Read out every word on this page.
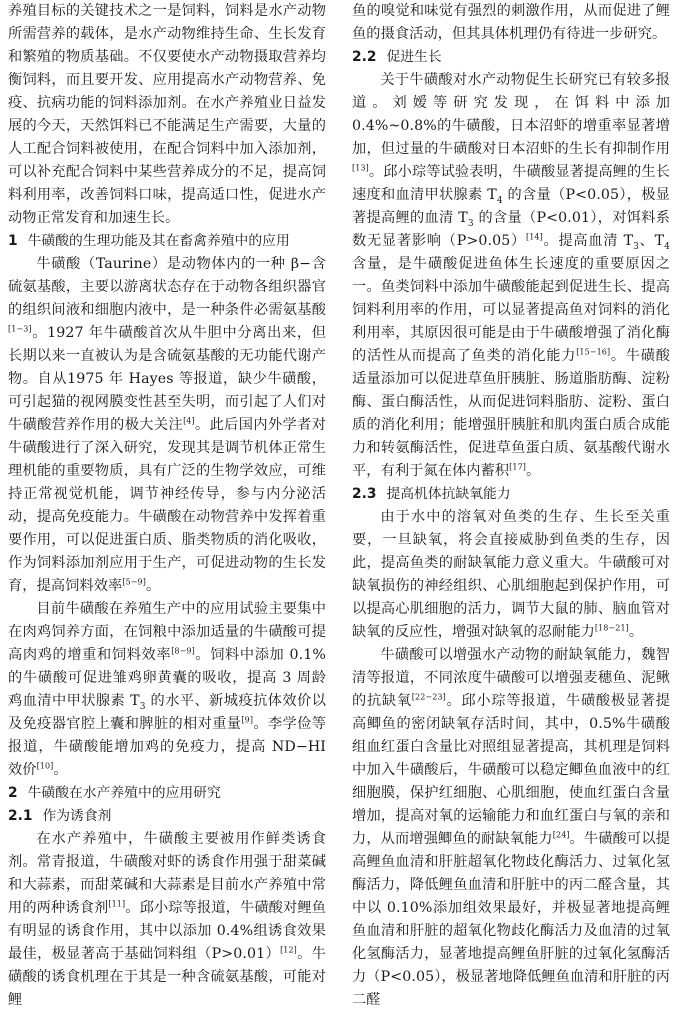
养殖目标的关键技术之一是饲料，饲料是水产动物所需营养的载体，是水产动物维持生命、生长发育和繁殖的物质基础。不仅要使水产动物摄取营养均衡饲料，而且要开发、应用提高水产动物营养、免疫、抗病功能的饲料添加剂。在水产养殖业日益发展的今天，天然饵料已不能满足生产需要，大量的人工配合饲料被使用，在配合饲料中加入添加剂，可以补充配合饲料中某些营养成分的不足，提高饲料利用率，改善饲料口味，提高适口性，促进水产动物正常发育和加速生长。

1 牛磺酸的生理功能及其在畜禽养殖中的应用

牛磺酸（Taurine）是动物体内的一种 β−含硫氨基酸，主要以游离状态存在于动物各组织器官的组织间液和细胞内液中，是一种条件必需氨基酸[1−3]。1927 年牛磺酸首次从牛胆中分离出来，但长期以来一直被认为是含硫氨基酸的无功能代谢产物。自从1975 年 Hayes 等报道，缺少牛磺酸，可引起猫的视网膜变性甚至失明，而引起了人们对牛磺酸营养作用的极大关注[4]。此后国内外学者对牛磺酸进行了深入研究，发现其是调节机体正常生理机能的重要物质，具有广泛的生物学效应，可维持正常视觉机能，调节神经传导，参与内分泌活动，提高免疫能力。牛磺酸在动物营养中发挥着重要作用，可以促进蛋白质、脂类物质的消化吸收，作为饲料添加剂应用于生产，可促进动物的生长发育，提高饲料效率[5−9]。

目前牛磺酸在养殖生产中的应用试验主要集中在肉鸡饲养方面，在饲粮中添加适量的牛磺酸可提高肉鸡的增重和饲料效率[8−9]。饲料中添加 0.1%的牛磺酸可促进雏鸡卵黄囊的吸收，提高 3 周龄鸡血清中甲状腺素 $T_3$ 的水平、新城疫抗体效价以及免疫器官腔上囊和脾脏的相对重量[9]。李学俭等报道，牛磺酸能增加鸡的免疫力，提高 ND−HI 效价[10]。

2 牛磺酸在水产养殖中的应用研究
2.1 作为诱食剂

在水产养殖中，牛磺酸主要被用作鲜类诱食剂。常青报道，牛磺酸对虾的诱食作用强于甜菜碱和大蒜素，而甜菜碱和大蒜素是目前水产养殖中常用的两种诱食剂[11]。邱小琮等报道，牛磺酸对鲤鱼有明显的诱食作用，其中以添加 0.4%组诱食效果最佳，极显著高于基础饲料组（P>0.01）[12]。牛磺酸的诱食机理在于其是一种含硫氨基酸，可能对鲤

鱼的嗅觉和味觉有强烈的刺激作用，从而促进了鲤鱼的摄食活动，但其具体机理仍有待进一步研究。

2.2 促进生长

关于牛磺酸对水产动物促生长研究已有较多报道。刘嫒等研究发现，在饵料中添加 0.4%~0.8%的牛磺酸，日本沼虾的增重率显著增加，但过量的牛磺酸对日本沼虾的生长有抑制作用[13]。邱小琮等试验表明，牛磺酸显著提高鲤的生长速度和血清甲状腺素 $T_4$ 的含量（P<0.05），极显著提高鲤的血清 $T_3$ 的含量（P<0.01），对饵料系数无显著影响（P>0.05）[14]。提高血清 $T_3$、$T_4$ 含量，是牛磺酸促进鱼体生长速度的重要原因之一。鱼类饲料中添加牛磺酸能起到促进生长、提高饲料利用率的作用，可以显著提高鱼对饲料的消化利用率，其原因很可能是由于牛磺酸增强了消化酶的活性从而提高了鱼类的消化能力[15−16]。牛磺酸适量添加可以促进草鱼肝胰脏、肠道脂肪酶、淀粉酶、蛋白酶活性，从而促进饲料脂肪、淀粉、蛋白质的消化利用；能增强肝胰脏和肌肉蛋白质合成能力和转氨酶活性，促进草鱼蛋白质、氨基酸代谢水平，有利于氮在体内蓄积[17]。

2.3 提高机体抗缺氧能力

由于水中的溶氧对鱼类的生存、生长至关重要，一旦缺氧，将会直接威胁到鱼类的生存，因此，提高鱼类的耐缺氧能力意义重大。牛磺酸可对缺氧损伤的神经组织、心肌细胞起到保护作用，可以提高心肌细胞的活力，调节大鼠的肺、脑血管对缺氧的反应性，增强对缺氧的忍耐能力[18−21]。

牛磺酸可以增强水产动物的耐缺氧能力，魏智清等报道，不同浓度牛磺酸可以增强麦穗鱼、泥鳅的抗缺氧[22−23]。邱小琮等报道，牛磺酸极显著提高鲫鱼的密闭缺氧存活时间，其中，0.5%牛磺酸组血红蛋白含量比对照组显著提高，其机理是饲料中加入牛磺酸后，牛磺酸可以稳定鲫鱼血液中的红细胞膜，保护红细胞、心肌细胞，使血红蛋白含量增加，提高对氧的运输能力和血红蛋白与氧的亲和力，从而增强鲫鱼的耐缺氧能力[24]。牛磺酸可以提高鲤鱼血清和肝脏超氧化物歧化酶活力、过氧化氢酶活力，降低鲤鱼血清和肝脏中的丙二醛含量，其中以 0.10%添加组效果最好，并极显著地提高鲤鱼血清和肝脏的超氧化物歧化酶活力及血清的过氧化氢酶活力，显著地提高鲤鱼肝脏的过氧化氢酶活力（P<0.05），极显著地降低鲤鱼血清和肝脏的丙二醛
